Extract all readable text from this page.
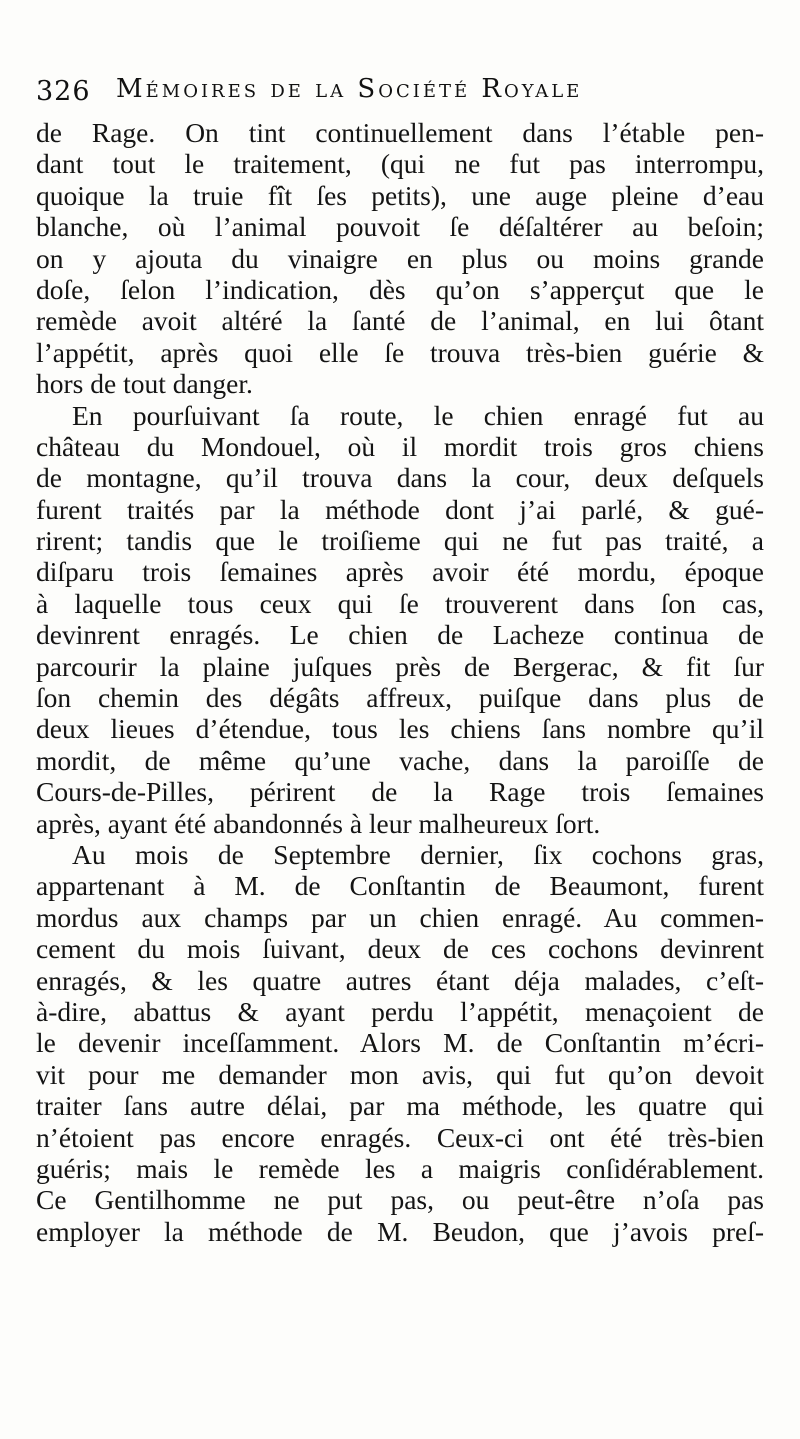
326 Mémoires de la Société Royale
de Rage. On tint continuellement dans l’étable pen-
dant tout le traitement, (qui ne fut pas interrompu,
quoique la truie fît ſes petits), une auge pleine d’eau
blanche, où l’animal pouvoit ſe déſaltérer au beſoin;
on y ajouta du vinaigre en plus ou moins grande
doſe, ſelon l’indication, dès qu’on s’apperçut que le
remède avoit altéré la ſanté de l’animal, en lui ôtant
l’appétit, après quoi elle ſe trouva très-bien guérie &
hors de tout danger.
En pourſuivant ſa route, le chien enragé fut au
château du Mondouel, où il mordit trois gros chiens
de montagne, qu’il trouva dans la cour, deux deſquels
furent traités par la méthode dont j’ai parlé, & gué-
rirent; tandis que le troiſieme qui ne fut pas traité, a
diſparu trois ſemaines après avoir été mordu, époque
à laquelle tous ceux qui ſe trouverent dans ſon cas,
devinrent enragés. Le chien de Lacheze continua de
parcourir la plaine juſques près de Bergerac, & fit ſur
ſon chemin des dégâts affreux, puiſque dans plus de
deux lieues d’étendue, tous les chiens ſans nombre qu’il
mordit, de même qu’une vache, dans la paroiſſe de
Cours-de-Pilles, périrent de la Rage trois ſemaines
après, ayant été abandonnés à leur malheureux ſort.
Au mois de Septembre dernier, ſix cochons gras,
appartenant à M. de Conſtantin de Beaumont, furent
mordus aux champs par un chien enragé. Au commen-
cement du mois ſuivant, deux de ces cochons devinrent
enragés, & les quatre autres étant déja malades, c’eſt-
à-dire, abattus & ayant perdu l’appétit, menaçoient de
le devenir inceſſamment. Alors M. de Conſtantin m’écri-
vit pour me demander mon avis, qui fut qu’on devoit
traiter ſans autre délai, par ma méthode, les quatre qui
n’étoient pas encore enragés. Ceux-ci ont été très-bien
guéris; mais le remède les a maigris conſidérablement.
Ce Gentilhomme ne put pas, ou peut-être n’oſa pas
employer la méthode de M. Beudon, que j’avois preſ-
